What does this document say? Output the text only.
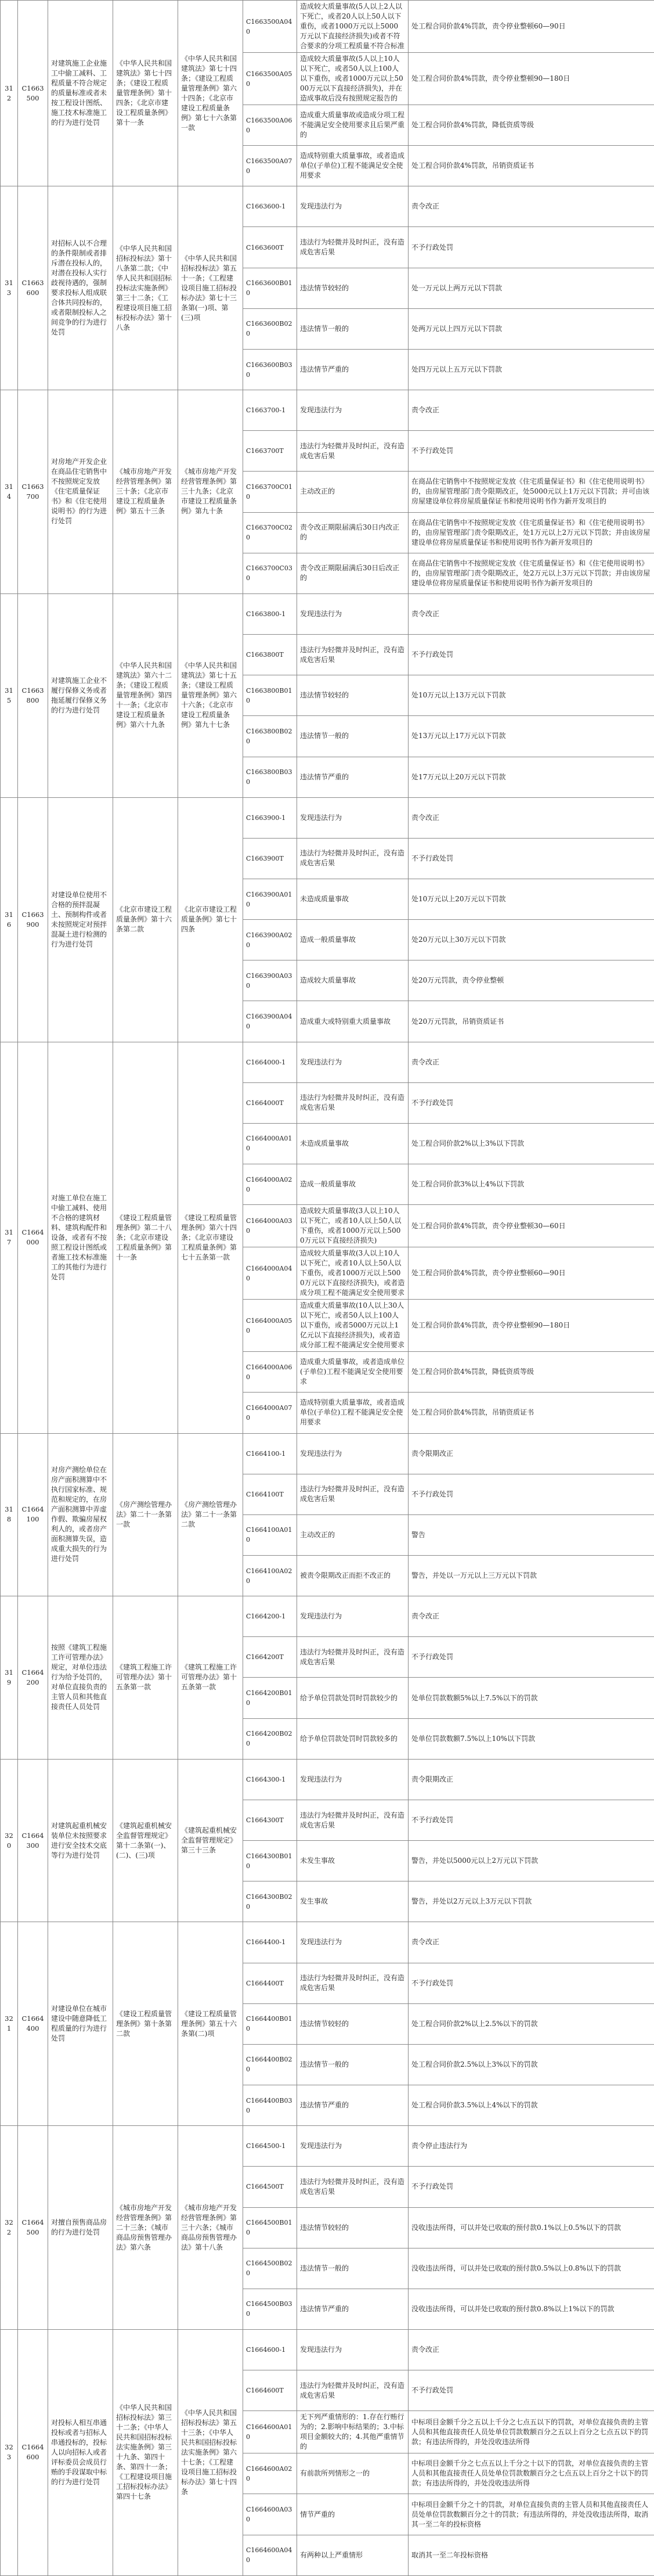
312	C1663500	对建筑施工企业施工中偷工减料、工程质量不符合规定的质量标准或者未按工程设计图纸、施工技术标准施工的行为进行处罚	《中华人民共和国建筑法》第七十四条；《建设工程质量管理条例》第十四条；《北京市建设工程质量条例》第十一条	《中华人民共和国建筑法》第七十四条；《建设工程质量管理条例》第六十四条；《北京市建设工程质量条例》第七十六条第一款	C1663500A040	造成较大质量事故(5人以上2人以下死亡，或者20人以上50人以下重伤，或者1000万元以上5000万元以下直接经济损失)或者不符合要求的分项工程质量不符合标准	处工程合同价款4%罚款，责令停业整顿60—90日
					C1663500A050	造成较大质量事故(5人以上10人以下死亡，或者50人以上100人以下重伤，或者1000万元以上5000万元以下直接经济损失)，并在造成事故后没有按照规定报告的	处工程合同价款4%罚款，责令停业整顿90—180日
					C1663500A060	造成重大质量事故或造成分项工程不能满足安全使用要求且后果严重的	处工程合同价款4%罚款，降低资质等级
					C1663500A070	造成特别重大质量事故，或者造成单位(子单位)工程不能满足安全使用要求	处工程合同价款4%罚款，吊销资质证书
313	C1663600	对招标人以不合理的条件限制或者排斥潜在投标人的，对潜在投标人实行歧视待遇的，强制要求投标人组成联合体共同投标的，或者限制投标人之间竞争的行为进行处罚	《中华人民共和国招标投标法》第十八条第二款；《中华人民共和国招标投标法实施条例》第三十二条；《工程建设项目施工招标投标办法》第十八条	《中华人民共和国招标投标法》第五十一条；《工程建设项目施工招标投标办法》第七十三条第(一)项、第(三)项	C1663600-1	发现违法行为	责令改正
					C1663600T	违法行为轻微并及时纠正，没有造成危害后果	不予行政处罚
					C1663600B010	违法情节较轻的	处一万元以上两万元以下罚款
					C1663600B020	违法情节一般的	处两万元以上四万元以下罚款
					C1663600B030	违法情节严重的	处四万元以上五万元以下罚款
314	C1663700	对房地产开发企业在商品住宅销售中不按照规定发放《住宅质量保证书》和《住宅使用说明书》的行为进行处罚	《城市房地产开发经营管理条例》第三十条；《北京市建设工程质量条例》第五十三条	《城市房地产开发经营管理条例》第三十九条；《北京市建设工程质量条例》第九十条	C1663700-1	发现违法行为	责令改正
					C1663700T	违法行为轻微并及时纠正，没有造成危害后果	不予行政处罚
					C1663700C010	主动改正的	在商品住宅销售中不按照规定发放《住宅质量保证书》和《住宅使用说明书》的，由房屋管理部门责令限期改正，处5000元以上1万元以下罚款；并可由该房屋建设单位将房屋质量保证书和使用说明书作为新开发项目的
					C1663700C020	责令改正期限届满后30日内改正的	在商品住宅销售中不按照规定发放《住宅质量保证书》和《住宅使用说明书》的，由房屋管理部门责令限期改正，处1万元以上2万元以下罚款；并由该房屋建设单位将房屋质量保证书和使用说明书作为新开发项目的
					C1663700C030	责令改正期限届满后30日后改正的	在商品住宅销售中不按照规定发放《住宅质量保证书》和《住宅使用说明书》的，由房屋管理部门责令限期改正，处2万元以上3万元以下罚款；并由该房屋建设单位将房屋质量保证书和使用说明书作为新开发项目的
315	C1663800	对建筑施工企业不履行保修义务或者拖延履行保修义务的行为进行处罚	《中华人民共和国建筑法》第六十二条；《建设工程质量管理条例》第四十一条；《北京市建设工程质量条例》第六十九条	《中华人民共和国建筑法》第七十五条；《建设工程质量管理条例》第六十六条；《北京市建设工程质量条例》第九十七条	C1663800-1	发现违法行为	责令改正
					C1663800T	违法行为轻微并及时纠正，没有造成危害后果	不予行政处罚
					C1663800B010	违法情节较轻的	处10万元以上13万元以下罚款
					C1663800B020	违法情节一般的	处13万元以上17万元以下罚款
					C1663800B030	违法情节严重的	处17万元以上20万元以下罚款
316	C1663900	对建设单位使用不合格的预拌混凝土、预制构件或者未按照规定对预拌混凝土进行检测的行为进行处罚	《北京市建设工程质量条例》第十六条第二款	《北京市建设工程质量条例》第七十四条	C1663900-1	发现违法行为	责令改正
					C1663900T	违法行为轻微并及时纠正，没有造成危害后果	不予行政处罚
					C1663900A010	未造成质量事故	处10万元以上20万元以下罚款
					C1663900A020	造成一般质量事故	处20万元以上30万元以下罚款
					C1663900A030	造成较大质量事故	处20万元罚款，责令停业整顿
					C1663900A040	造成重大或特别重大质量事故	处20万元罚款，吊销资质证书
317	C1664000	对施工单位在施工中偷工减料、使用不合格的建筑材料、建筑构配件和设备，或者有不按照工程设计图纸或者施工技术标准施工的其他行为进行处罚	《建设工程质量管理条例》第二十八条；《北京市建设工程质量条例》第十一条	《建设工程质量管理条例》第六十四条；《北京市建设工程质量条例》第七十五条第一款	C1664000-1	发现违法行为	责令改正
					C1664000T	违法行为轻微并及时纠正，没有造成危害后果	不予行政处罚
					C1664000A010	未造成质量事故	处工程合同价款2%以上3%以下罚款
					C1664000A020	造成一般质量事故	处工程合同价款3%以上4%以下罚款
					C1664000A030	造成较大质量事故(3人以上10人以下死亡，或者10人以上50人以下重伤，或者1000万元以上5000万元以下直接经济损失)	处工程合同价款4%罚款，责令停业整顿30—60日
					C1664000A040	造成较大质量事故(3人以上10人以下死亡，或者10人以上50人以下重伤，或者1000万元以上5000万元以下直接经济损失)，或者造成分项工程不能满足安全使用要求	处工程合同价款4%罚款，责令停业整顿60—90日
					C1664000A050	造成重大质量事故(10人以上30人以下死亡，或者50人以上100人以下重伤，或者5000万元以上1亿元以下直接经济损失)，或者造成分部工程不能满足安全使用要求	处工程合同价款4%罚款，责令停业整顿90—180日
					C1664000A060	造成重大质量事故，或者造成单位(子单位)工程不能满足安全使用要求	处工程合同价款4%罚款，降低资质等级
					C1664000A070	造成特别重大质量事故，或者造成单位(子单位)工程不能满足安全使用要求	处工程合同价款4%罚款，吊销资质证书
318	C1664100	对房产测绘单位在房产面积测算中不执行国家标准、规范和规定的，在房产面积测算中弄虚作假、欺骗房屋权利人的，或者房产面积测算失误，造成重大损失的行为进行处罚	《房产测绘管理办法》第二十一条第一款	《房产测绘管理办法》第二十一条第二款	C1664100-1	发现违法行为	责令限期改正
					C1664100T	违法行为轻微并及时纠正，没有造成危害后果	不予行政处罚
					C1664100A010	主动改正的	警告
					C1664100A020	被责令限期改正而拒不改正的	警告，并处以一万元以上三万元以下罚款
319	C1664200	按照《建筑工程施工许可管理办法》规定，对单位违法行为给予处罚的，对单位直接负责的主管人员和其他直接责任人员处罚	《建筑工程施工许可管理办法》第十五条第一款	《建筑工程施工许可管理办法》第十五条第一款	C1664200-1	发现违法行为	责令改正
					C1664200T	违法行为轻微并及时纠正，没有造成危害后果	不予行政处罚
					C1664200B010	给予单位罚款处罚时罚款较少的	处单位罚款数额5%以上7.5%以下的罚款
					C1664200B020	给予单位罚款处罚时罚款较多的	处单位罚款数额7.5%以上10%以下罚款
320	C1664300	对建筑起重机械安装单位未按照要求进行安全技术交底等行为进行处罚	《建筑起重机械安全监督管理规定》第十二条第(一)、(二)、(三)项	《建筑起重机械安全监督管理规定》第三十三条	C1664300-1	发现违法行为	责令限期改正
					C1664300T	违法行为轻微并及时纠正，没有造成危害后果	不予行政处罚
					C1664300B010	未发生事故	警告，并处以5000元以上2万元以下罚款
					C1664300B020	发生事故	警告，并处以2万元以上3万元以下罚款
321	C1664400	对建设单位在城市建设中随意降低工程质量的行为进行处罚	《建设工程质量管理条例》第十条第二款	《建设工程质量管理条例》第五十六条第(二)项	C1664400-1	发现违法行为	责令改正
					C1664400T	违法行为轻微并及时纠正，没有造成危害后果	不予行政处罚
					C1664400B010	违法情节较轻的	处工程合同价款2%以上2.5%以下的罚款
					C1664400B020	违法情节一般的	处工程合同价款2.5%以上3%以下的罚款
					C1664400B030	违法情节严重的	处工程合同价款3.5%以上4%以下的罚款
322	C1664500	对擅自预售商品房的行为进行处罚	《城市房地产开发经营管理条例》第二十三条；《城市商品房预售管理办法》第六条	《城市房地产开发经营管理条例》第三十六条；《城市商品房预售管理办法》第十八条	C1664500-1	发现违法行为	责令停止违法行为
					C1664500T	违法行为轻微并及时纠正，没有造成危害后果	不予行政处罚
					C1664500B010	违法情节较轻的	没收违法所得，可以并处已收取的预付款0.1%以上0.5%以下的罚款
					C1664500B020	违法情节一般的	没收违法所得，可以并处已收取的预付款0.5%以上0.8%以下的罚款
					C1664500B030	违法情节严重的	没收违法所得，可以并处已收取的预付款0.8%以上1%以下的罚款
323	C1664600	对投标人相互串通投标或者与招标人串通投标的，投标人以向招标人或者评标委员会成员行贿的手段谋取中标的行为进行处罚	《中华人民共和国招标投标法》第三十二条；《中华人民共和国招标投标法实施条例》第三十九条、第四十条、第四十一条；《工程建设项目施工招标投标办法》第四十七条	《中华人民共和国招标投标法》第五十三条；《中华人民共和国招标投标法实施条例》第六十七条；《工程建设项目施工招标投标办法》第七十四条	C1664600-1	发现违法行为	责令改正
					C1664600T	违法行为轻微并及时纠正，没有造成危害后果	不予行政处罚
					C1664600A010	无下列严重情形的：1.存在行贿行为的；2.影响中标结果的；3.中标项目金额较大的；4.其他严重情节的	中标项目金额千分之五以上千分之七点五以下的罚款，对单位直接负责的主管人员和其他直接责任人员处单位罚款数额百分之五以上百分之七点五以下的罚款；有违法所得的，并处没收违法所得
					C1664600A020	有前款所列情形之一的	中标项目金额千分之七点五以上千分之十以下的罚款，对单位直接负责的主管人员和其他直接责任人员处单位罚款数额百分之七点五以上百分之十以下的罚款；有违法所得的，并处没收违法所得
					C1664600A030	情节严重的	中标项目金额千分之十的罚款，对单位直接负责的主管人员和其他直接责任人员处单位罚款数额百分之十的罚款；有违法所得的，并处没收违法所得，取消其一至二年的投标资格
					C1664600A040	有两种以上严重情形	取消其一至二年投标资格
